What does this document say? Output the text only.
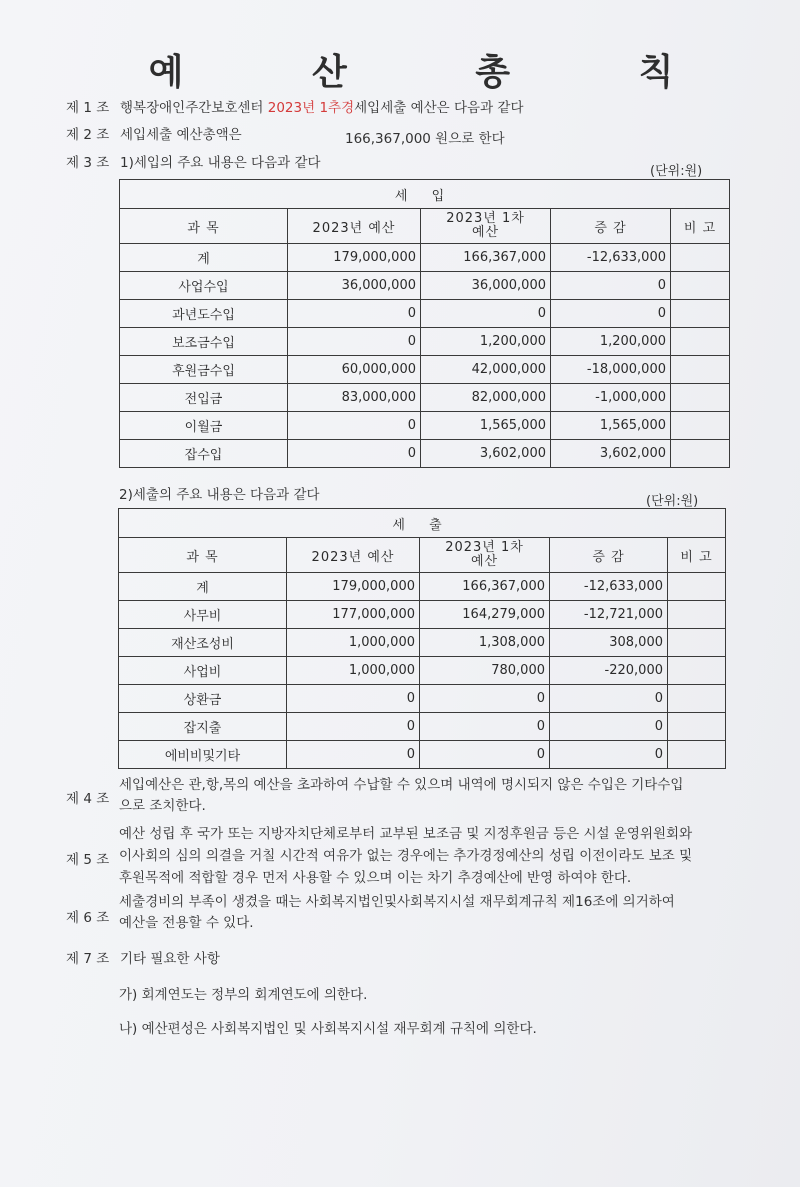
예 산 총 칙
제 1 조 행복장애인주간보호센터 2023년 1추경세입세출 예산은 다음과 같다
제 2 조 세입세출 예산총액은	166,367,000 원으로 한다
제 3 조 1)세입의 주요 내용은 다음과 같다
(단위:원)
세 입				
과 목	2023년 예산	2023년 1차
예산	증 감	비 고
계	179,000,000	166,367,000	-12,633,000	
사업수입	36,000,000	36,000,000	0	
과년도수입	0	0	0	
보조금수입	0	1,200,000	1,200,000	
후원금수입	60,000,000	42,000,000	-18,000,000	
전입금	83,000,000	82,000,000	-1,000,000	
이월금	0	1,565,000	1,565,000	
잡수입	0	3,602,000	3,602,000	
2)세출의 주요 내용은 다음과 같다	(단위:원)
세 출				
과 목	2023년 예산	2023년 1차
예산	증 감	비 고
계	179,000,000	166,367,000	-12,633,000	
사무비	177,000,000	164,279,000	-12,721,000	
재산조성비	1,000,000	1,308,000	308,000	
사업비	1,000,000	780,000	-220,000	
상환금	0	0	0	
잡지출	0	0	0	
에비비및기타	0	0	0	
제 4 조
세입예산은 관,항,목의 예산을 초과하여 수납할 수 있으며 내역에 명시되지 않은 수입은 기타수입
으로 조치한다.
제 5 조
예산 성립 후 국가 또는 지방자치단체로부터 교부된 보조금 및 지정후원금 등은 시설 운영위원회와
이사회의 심의 의결을 거칠 시간적 여유가 없는 경우에는 추가경정예산의 성립 이전이라도 보조 및
후원목적에 적합할 경우 먼저 사용할 수 있으며 이는 차기 추경예산에 반영 하여야 한다.
제 6 조
세출경비의 부족이 생겼을 때는 사회복지법인및사회복지시설 재무회계규칙 제16조에 의거하여
예산을 전용할 수 있다.
제 7 조 기타 필요한 사항
가) 회계연도는 정부의 회계연도에 의한다.
나) 예산편성은 사회복지법인 및 사회복지시설 재무회계 규칙에 의한다.
